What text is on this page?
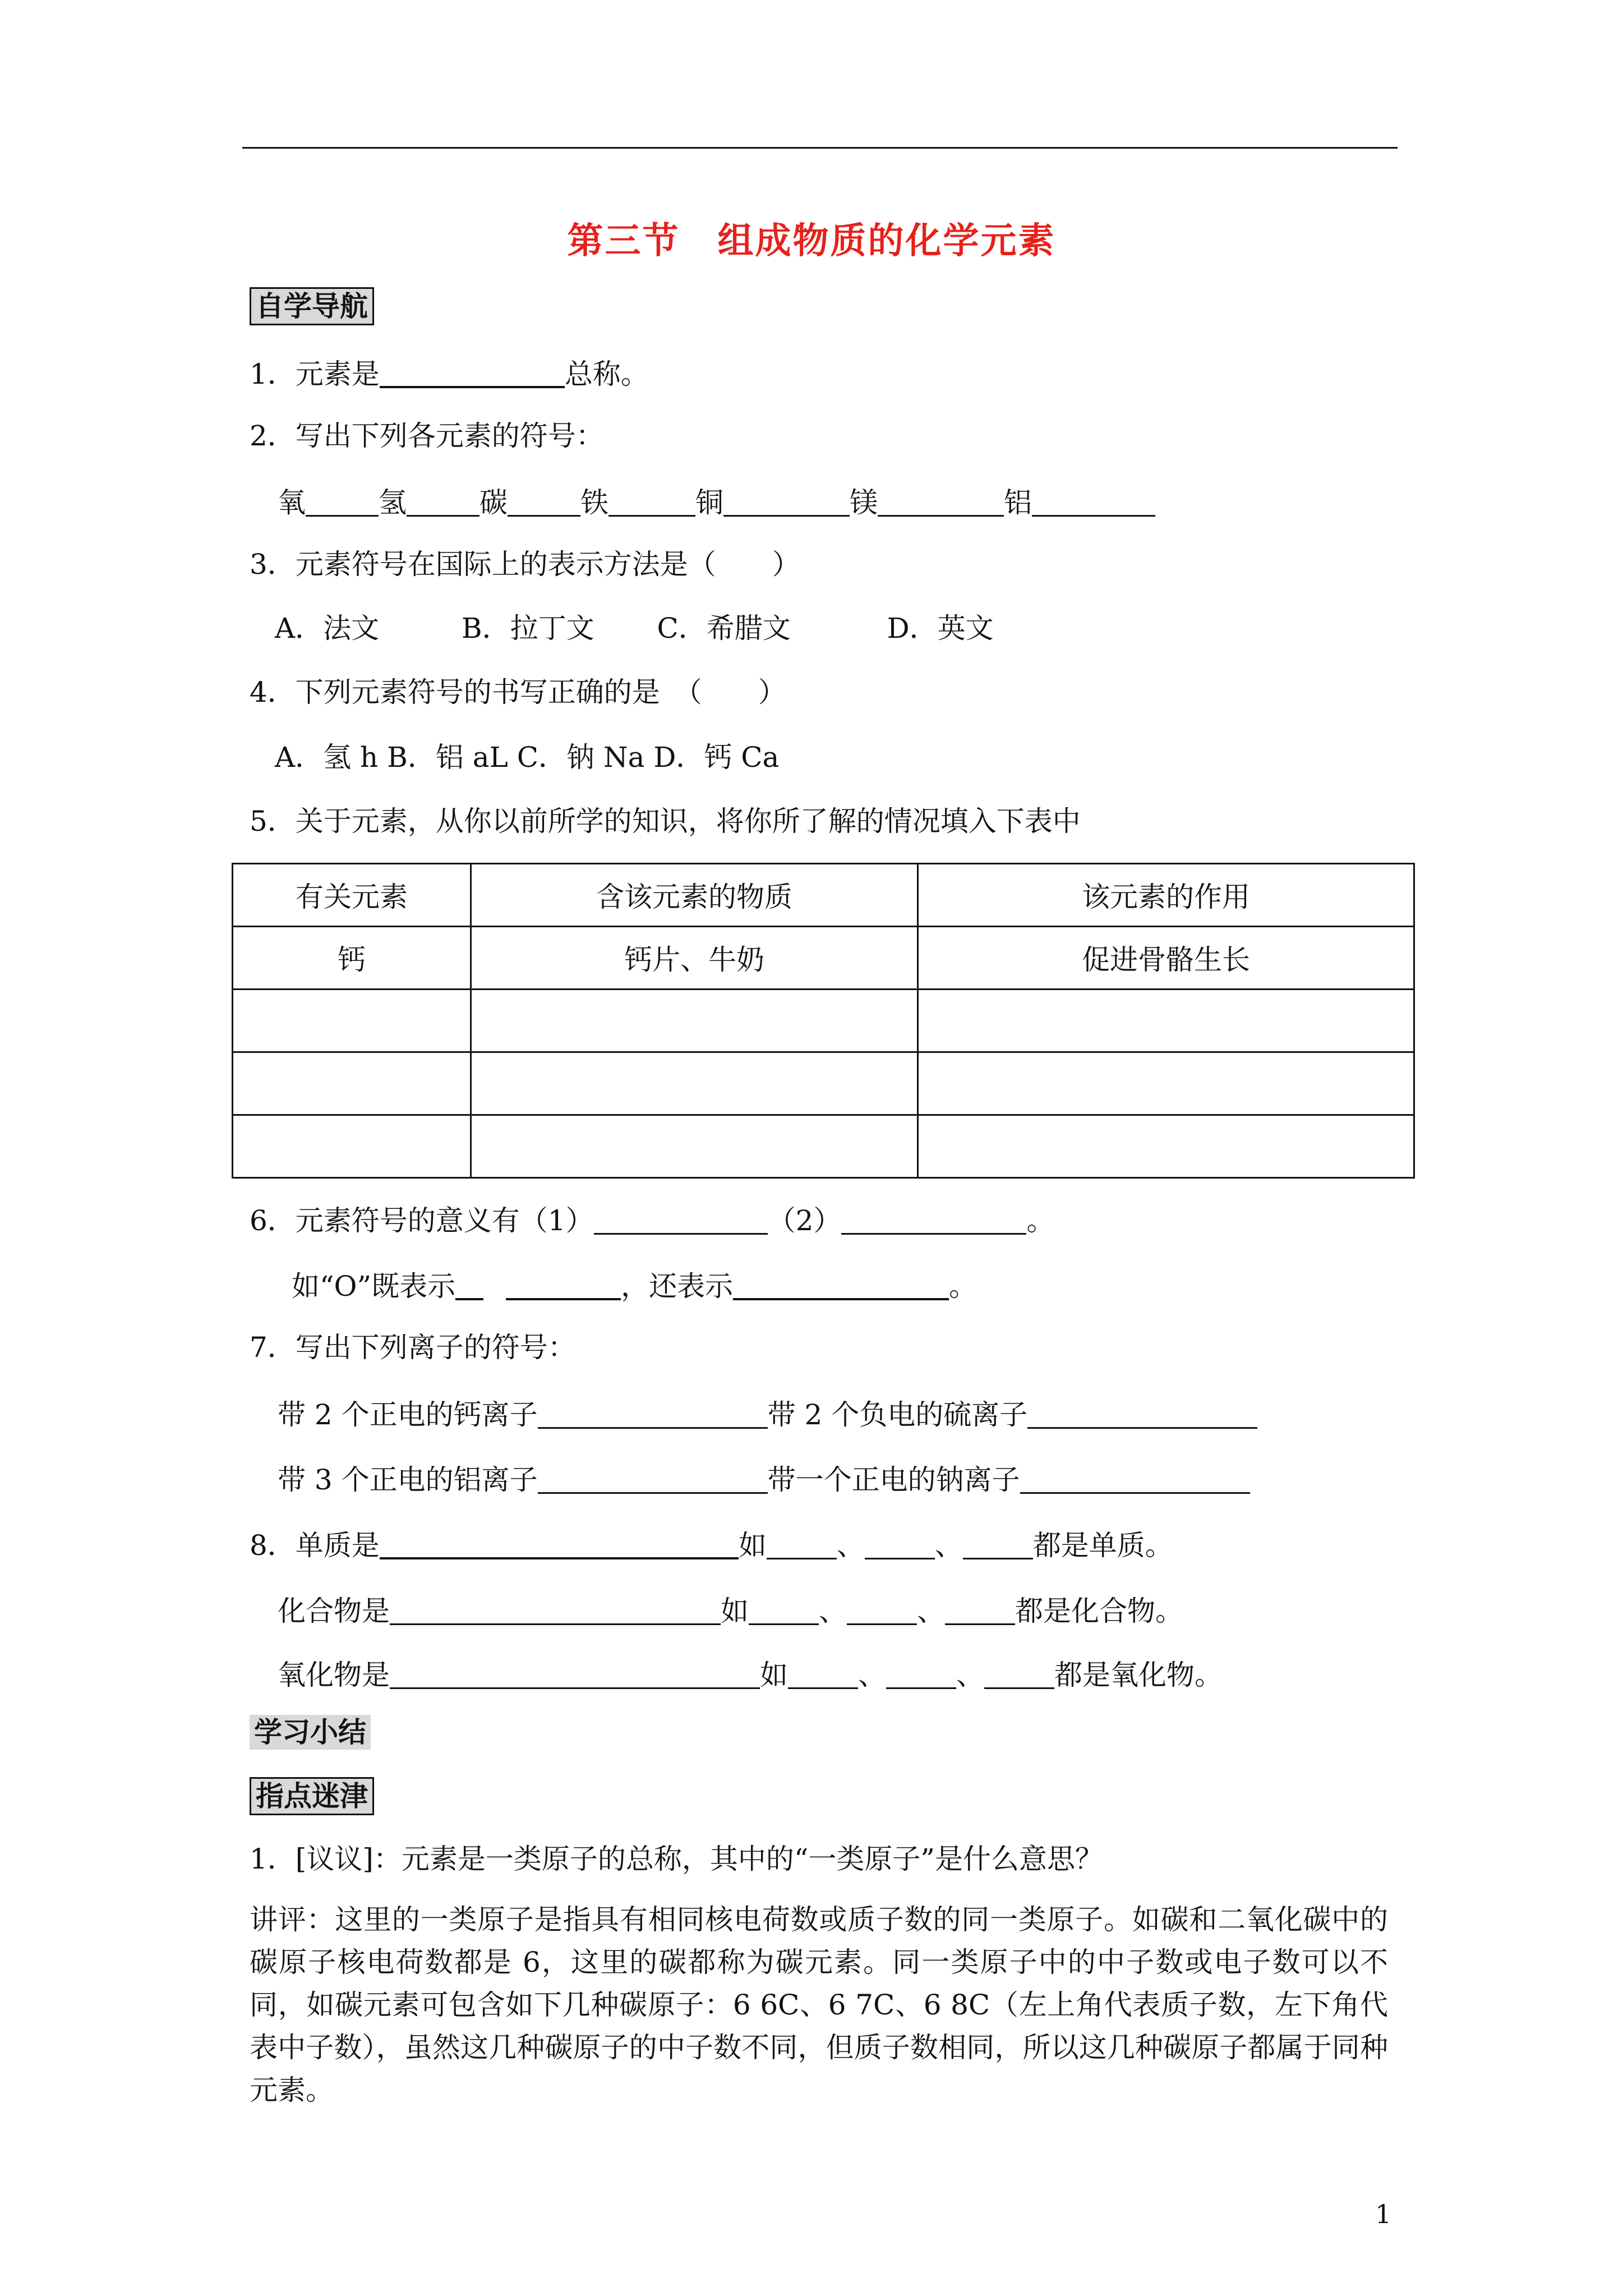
第三节　组成物质的化学元素
自学导航
1．元素是	总称。
2．写出下列各元素的符号：
氧	氢	碳	铁	铜	镁	铝
3．元素符号在国际上的表示方法是（　　）
A．法文	B．拉丁文 C．希腊文	D．英文
4．下列元素符号的书写正确的是　（　　）
A．氢 h B．铝 aL C．钠 Na D．钙 Ca
5．关于元素，从你以前所学的知识，将你所了解的情况填入下表中
有关元素	含该元素的物质	该元素的作用
钙	钙片、牛奶	促进骨骼生长

6．元素符号的意义有（1）	（2）	。
如“O”既表示	，还表示	。
7．写出下列离子的符号：
带 2 个正电的钙离子	带 2 个负电的硫离子
带 3 个正电的铝离子	带一个正电的钠离子
8．单质是	如	、	、	都是单质。
化合物是	如	、	、	都是化合物。
氧化物是	如	、	、	都是氧化物。
学习小结
指点迷津
1．[议议]：元素是一类原子的总称，其中的“一类原子”是什么意思？
讲评：这里的一类原子是指具有相同核电荷数或质子数的同一类原子。如碳和二氧化碳中的碳原子核电荷数都是 6，这里的碳都称为碳元素。同一类原子中的中子数或电子数可以不同，如碳元素可包含如下几种碳原子：6 6C、6 7C、6 8C（左上角代表质子数，左下角代表中子数），虽然这几种碳原子的中子数不同，但质子数相同，所以这几种碳原子都属于同种元素。
1
